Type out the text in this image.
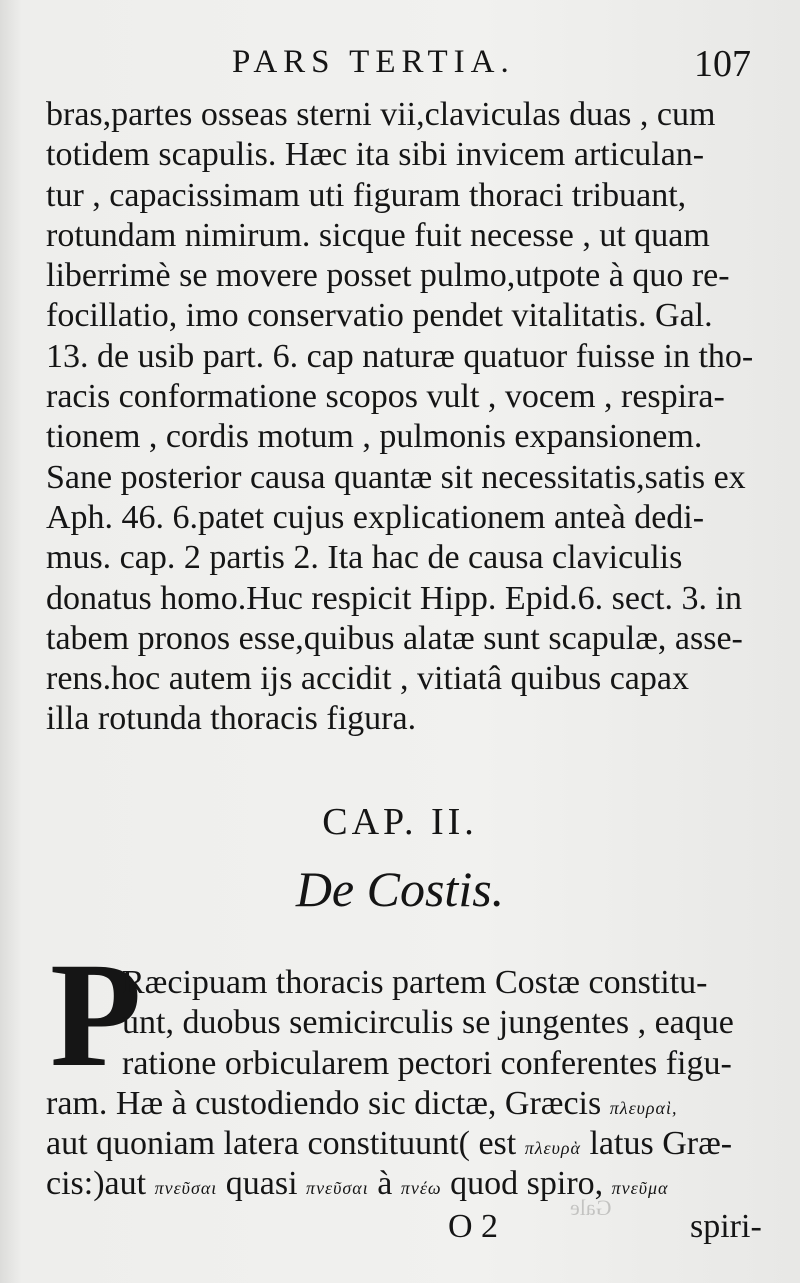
PARS TERTIA.	107
bras,partes osseas sterni vii,claviculas duas , cum
totidem scapulis. Hæc ita sibi invicem articulan-
tur , capacissimam uti figuram thoraci tribuant,
rotundam nimirum. sicque fuit necesse , ut quam
liberrimè se movere posset pulmo,utpote à quo re-
focillatio, imo conservatio pendet vitalitatis. Gal.
13. de usib part. 6. cap naturæ quatuor fuisse in tho-
racis conformatione scopos vult , vocem , respira-
tionem , cordis motum , pulmonis expansionem.
Sane posterior causa quantæ sit necessitatis,satis ex
Aph. 46. 6.patet cujus explicationem anteà dedi-
mus. cap. 2 partis 2. Ita hac de causa claviculis
donatus homo.Huc respicit Hipp. Epid.6. sect. 3. in
tabem pronos esse,quibus alatæ sunt scapulæ, asse-
rens.hoc autem ijs accidit , vitiatâ quibus capax
illa rotunda thoracis figura.
CAP. II.
De Costis.
P
Ræcipuam thoracis partem Costæ constitu-
unt, duobus semicirculis se jungentes , eaque
ratione orbicularem pectori conferentes figu-
ram. Hæ à custodiendo sic dictæ, Græcis πλευραὶ,
aut quoniam latera constituunt( est πλευρὰ latus Græ-
cis:)aut πνεῦσαι quasi πνεῦσαι à πνέω quod spiro, πνεῦμα
Gale
O 2	spiri-
